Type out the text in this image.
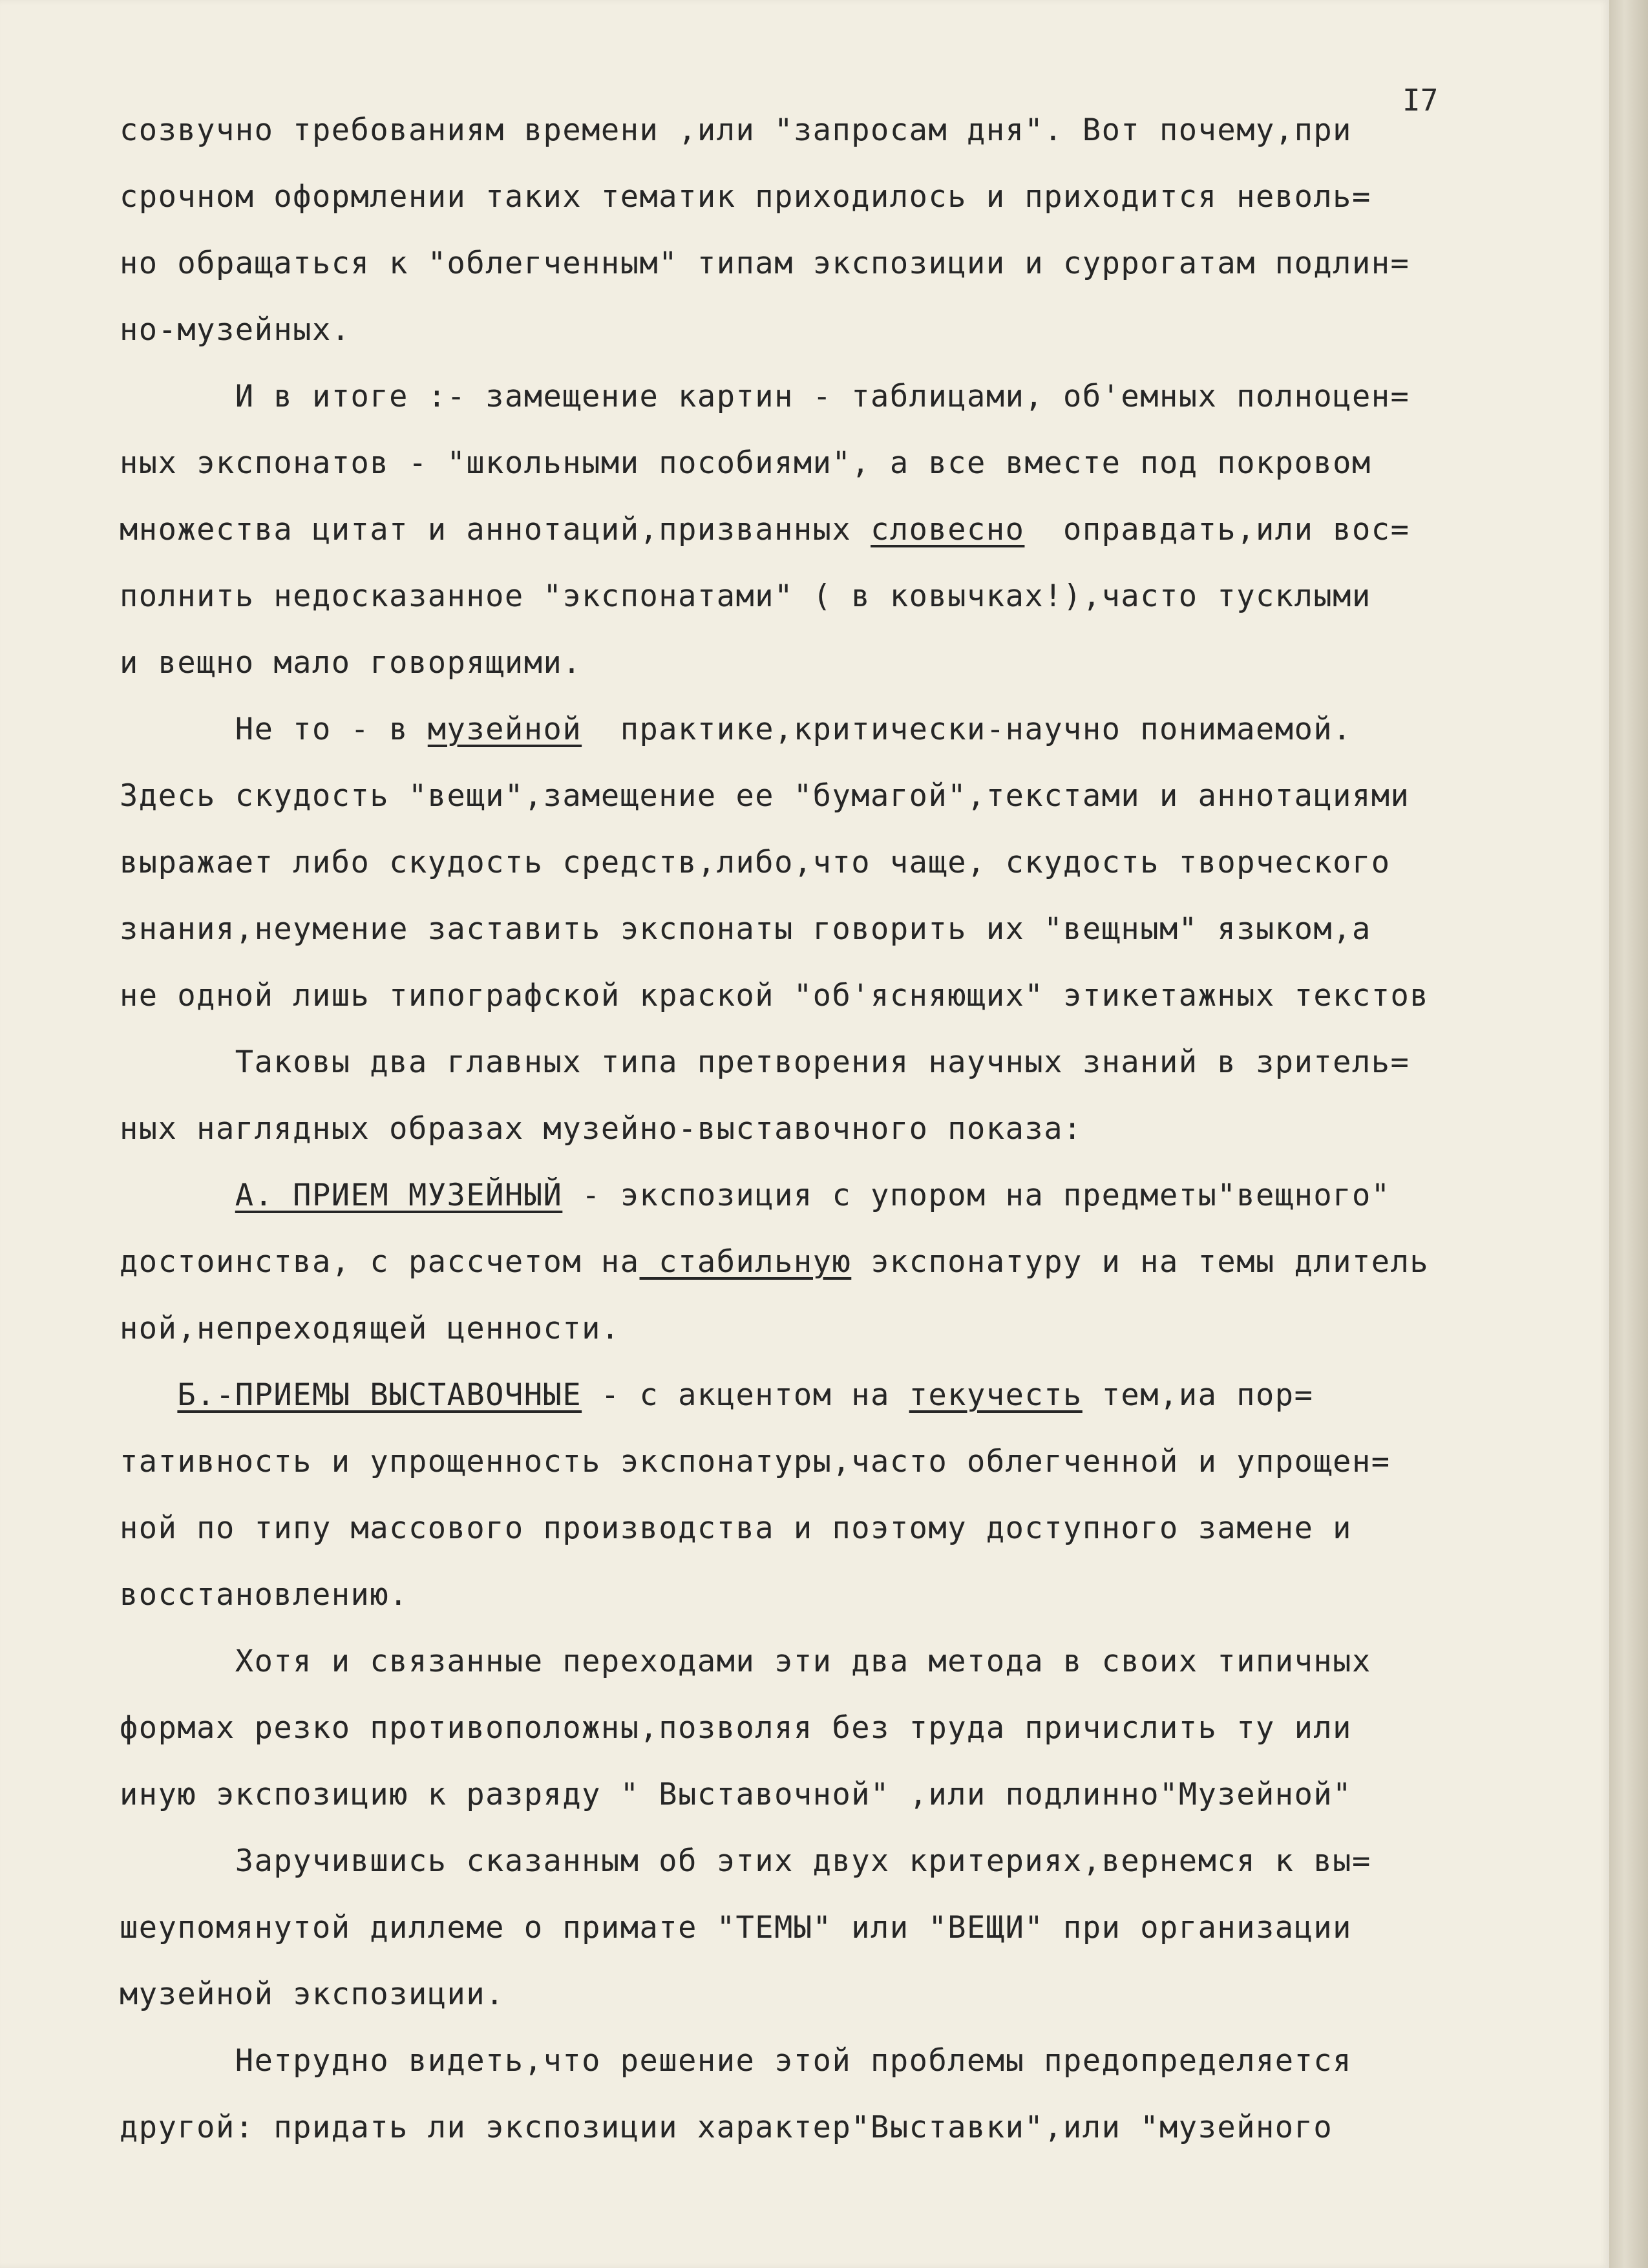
I7
созвучно требованиям времени ,или "запросам дня". Вот почему,при
срочном оформлении таких тематик приходилось и приходится неволь=
но обращаться к "облегченным" типам экспозиции и суррогатам подлин=
но-музейных.
И в итоге :- замещение картин - таблицами, об'емных полноцен=
ных экспонатов - "школьными пособиями", а все вместе под покровом
множества цитат и аннотаций,призванных словесно  оправдать,или вос=
полнить недосказанное "экспонатами" ( в ковычках!),часто тусклыми
и вещно мало говорящими.
Не то - в музейной  практике,критически-научно понимаемой.
Здесь скудость "вещи",замещение ее "бумагой",текстами и аннотациями
выражает либо скудость средств,либо,что чаще, скудость творческого
знания,неумение заставить экспонаты говорить их "вещным" языком,а
не одной лишь типографской краской "об'ясняющих" этикетажных текстов
Таковы два главных типа претворения научных знаний в зритель=
ных наглядных образах музейно-выставочного показа:
А. ПРИЕМ МУЗЕЙНЫЙ - экспозиция с упором на предметы"вещного"
достоинства, с рассчетом на стабильную экспонатуру и на темы длитель
ной,непреходящей ценности.
Б.-ПРИЕМЫ ВЫСТАВОЧНЫЕ - с акцентом на текучесть тем,иа пор=
тативность и упрощенность экспонатуры,часто облегченной и упрощен=
ной по типу массового производства и поэтому доступного замене и
восстановлению.
Хотя и связанные переходами эти два метода в своих типичных
формах резко противоположны,позволяя без труда причислить ту или
иную экспозицию к разряду " Выставочной" ,или подлинно"Музейной"
Заручившись сказанным об этих двух критериях,вернемся к вы=
шеупомянутой диллеме о примате "ТЕМЫ" или "ВЕЩИ" при организации
музейной экспозиции.
Нетрудно видеть,что решение этой проблемы предопределяется
другой: придать ли экспозиции характер"Выставки",или "музейного
